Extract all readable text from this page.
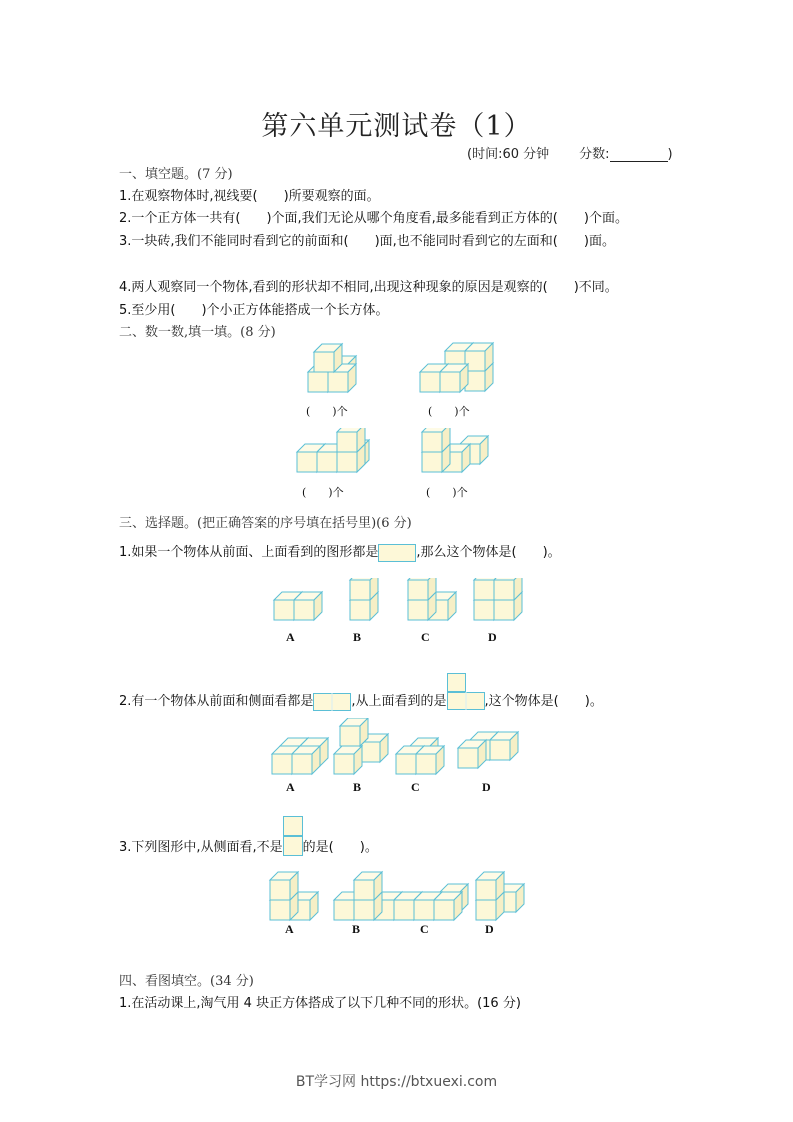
第六单元测试卷（1）
(时间:60 分钟 分数:	)
一、填空题。(7 分)
1.在观察物体时,视线要(　　)所要观察的面。
2.一个正方体一共有(　　)个面,我们无论从哪个角度看,最多能看到正方体的(　　)个面。
3.一块砖,我们不能同时看到它的前面和(　　)面,也不能同时看到它的左面和(　　)面。
4.两人观察同一个物体,看到的形状却不相同,出现这种现象的原因是观察的(　　)不同。
5.至少用(　　)个小正方体能搭成一个长方体。
二、数一数,填一填。(8 分)
(　　)个	(　　)个
(　　)个	(　　)个
三、选择题。(把正确答案的序号填在括号里)(6 分)
1.如果一个物体从前面、上面看到的图形都是	,那么这个物体是(　　)。
A	B	C	D
2.有一个物体从前面和侧面看都是	,从上面看到的是	,这个物体是(　　)。
A	B	C	D
3.下列图形中,从侧面看,不是 的是(　　)。
A	B	C	D
四、看图填空。(34 分)
1.在活动课上,淘气用 4 块正方体搭成了以下几种不同的形状。(16 分)
BT学习网 https://btxuexi.com
